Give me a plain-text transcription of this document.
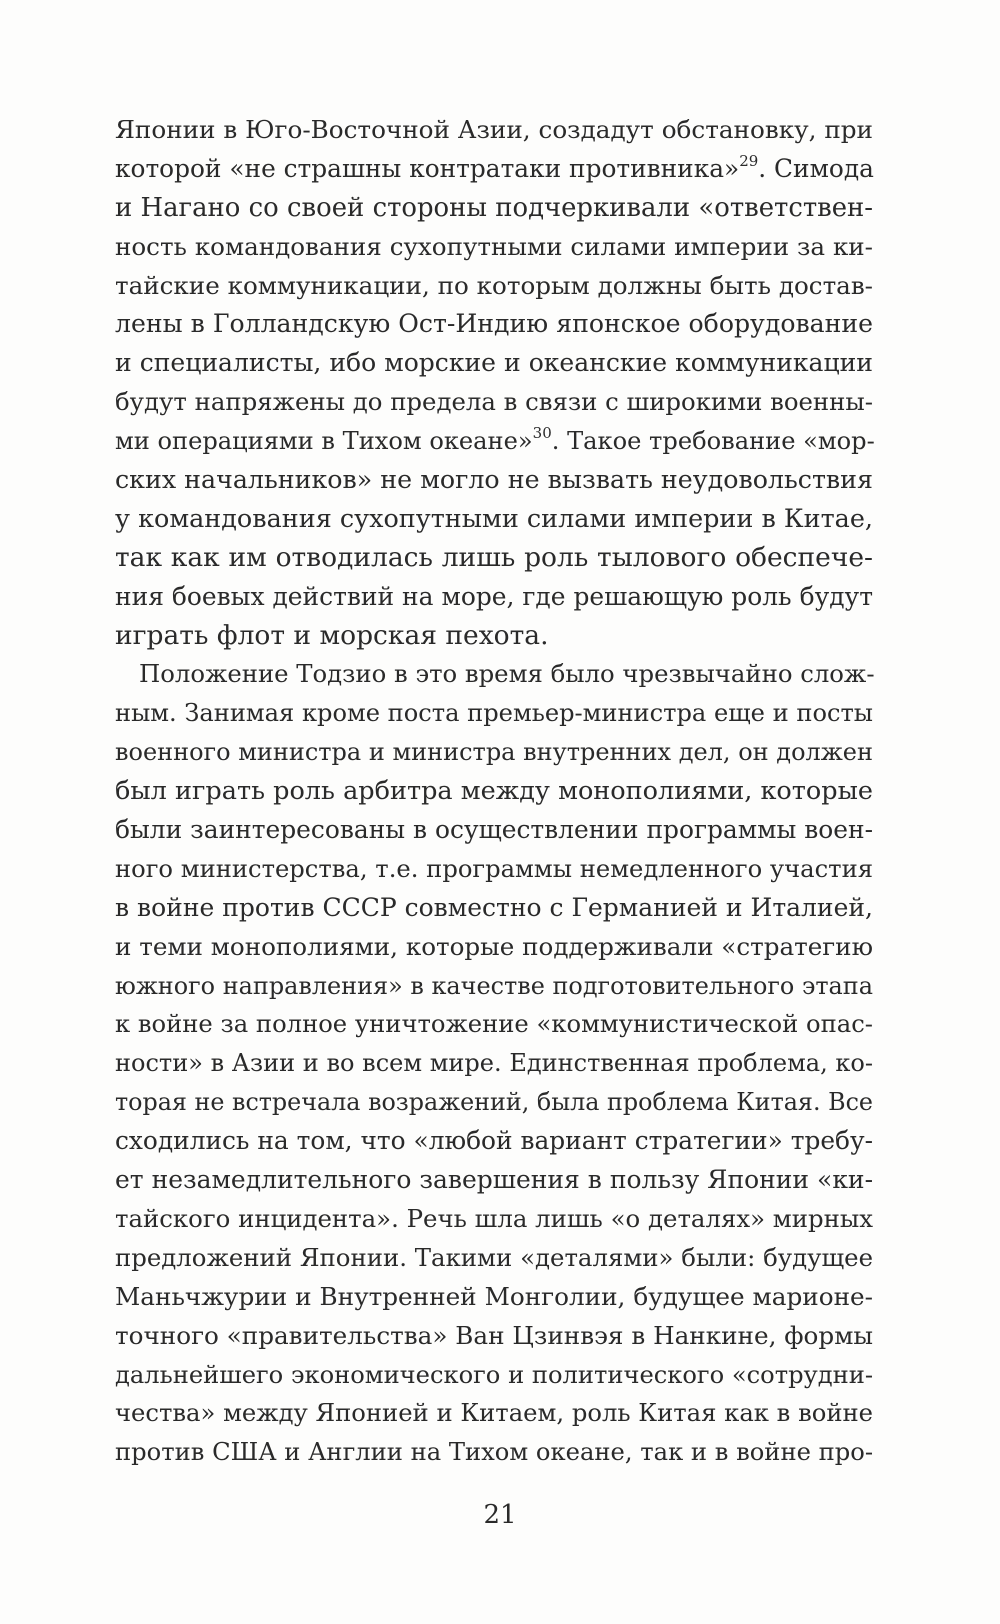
Японии в Юго-Восточной Азии, создадут обстановку, при
которой «не страшны контратаки противника»$^{29}$. Симода
и Нагано со своей стороны подчеркивали «ответствен-
ность командования сухопутными силами империи за ки-
тайские коммуникации, по которым должны быть достав-
лены в Голландскую Ост-Индию японское оборудование
и специалисты, ибо морские и океанские коммуникации
будут напряжены до предела в связи с широкими военны-
ми операциями в Тихом океане»$^{30}$. Такое требование «мор-
ских начальников» не могло не вызвать неудовольствия
у командования сухопутными силами империи в Китае,
так как им отводилась лишь роль тылового обеспече-
ния боевых действий на море, где решающую роль будут
играть флот и морская пехота.
Положение Тодзио в это время было чрезвычайно слож-
ным. Занимая кроме поста премьер-министра еще и посты
военного министра и министра внутренних дел, он должен
был играть роль арбитра между монополиями, которые
были заинтересованы в осуществлении программы воен-
ного министерства, т.е. программы немедленного участия
в войне против СССР совместно с Германией и Италией,
и теми монополиями, которые поддерживали «стратегию
южного направления» в качестве подготовительного этапа
к войне за полное уничтожение «коммунистической опас-
ности» в Азии и во всем мире. Единственная проблема, ко-
торая не встречала возражений, была проблема Китая. Все
сходились на том, что «любой вариант стратегии» требу-
ет незамедлительного завершения в пользу Японии «ки-
тайского инцидента». Речь шла лишь «о деталях» мирных
предложений Японии. Такими «деталями» были: будущее
Маньчжурии и Внутренней Монголии, будущее марионе-
точного «правительства» Ван Цзинвэя в Нанкине, формы
дальнейшего экономического и политического «сотрудни-
чества» между Японией и Китаем, роль Китая как в войне
против США и Англии на Тихом океане, так и в войне про-
21
